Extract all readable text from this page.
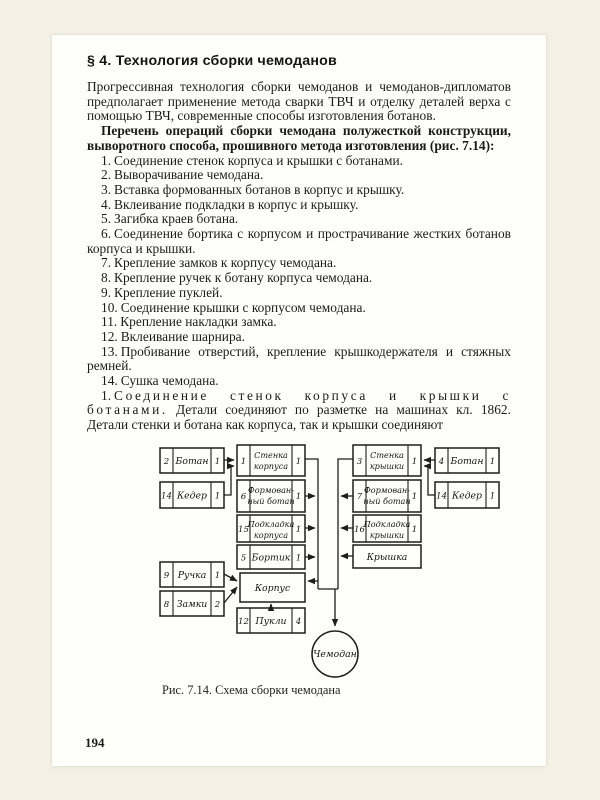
§ 4. Технология сборки чемоданов

Прогрессивная технология сборки чемоданов и чемоданов-дипломатов предполагает применение метода сварки ТВЧ и отделку деталей верха с помощью ТВЧ, современные способы изготовления ботанов.

Перечень операций сборки чемодана полужесткой конструкции, выворотного способа, прошивного метода изготовления (рис. 7.14):

1. Соединение стенок корпуса и крышки с ботанами.

2. Выворачивание чемодана.

3. Вставка формованных ботанов в корпус и крышку.

4. Вклеивание подкладки в корпус и крышку.

5. Загибка краев ботана.

6. Соединение бортика с корпусом и прострачивание жестких ботанов корпуса и крышки.

7. Крепление замков к корпусу чемодана.

8. Крепление ручек к ботану корпуса чемодана.

9. Крепление пуклей.

10. Соединение крышки с корпусом чемодана.

11. Крепление накладки замка.

12. Вклеивание шарнира.

13. Пробивание отверстий, крепление крышкодержателя и стяжных ремней.

14. Сушка чемодана.

1. Соединение стенок корпуса и крышки с ботанами. Детали соединяют по разметке на машинах кл. 1862. Детали стенки и ботана как корпуса, так и крышки соединяют

2 Ботан 1
14 Кедер 1
1
Стенка
корпуса 1
6
Формован-
ный ботан 1
15
Подкладка
корпуса 1
5 Бортик 1
Корпус
12 Пукли 4
9 Ручка 1
8 Замки 2
3
Стенка
крышки 1
7
Формован-
ный ботан 1
16
Подкладка
крышки 1
Крышка
4 Ботан 1
14 Кедер 1
Чемодан

Рис. 7.14. Схема сборки чемодана

194
